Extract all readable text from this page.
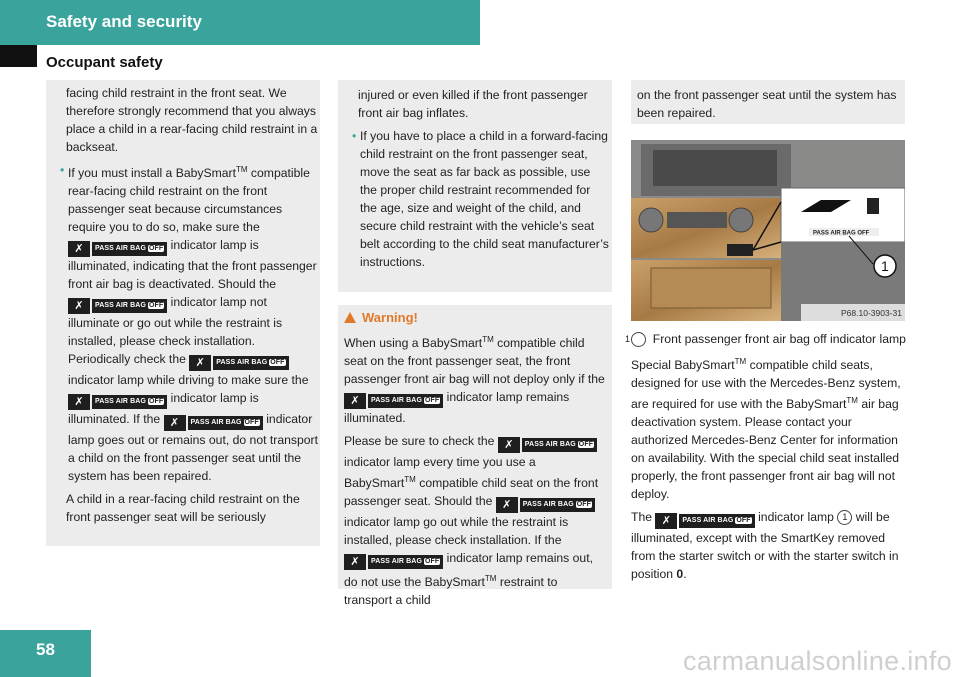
Safety and security
Occupant safety

facing child restraint in the front seat. We therefore strongly recommend that you always place a child in a rear-facing child restraint in a backseat.

• If you must install a BabySmart™ compatible rear-facing child restraint on the front passenger seat because circumstances require you to do so, make sure the
✗	PASS AIR BAG OFF indicator lamp is illuminated, indicating that the front passenger front air bag is deactivated. Should the
✗	PASS AIR BAG OFF indicator lamp not illuminate or go out while the restraint is installed, please check installation. Periodically check the ✗	PASS AIR BAG OFF
indicator lamp while driving to make sure the
✗	PASS AIR BAG OFF indicator lamp is illuminated. If the ✗	PASS AIR BAG OFF indicator lamp goes out or remains out, do not transport a child on the front passenger seat until the system has been repaired.

A child in a rear-facing child restraint on the front passenger seat will be seriously

injured or even killed if the front passenger front air bag inflates.

• If you have to place a child in a forward-facing child restraint on the front passenger seat, move the seat as far back as possible, use the proper child restraint recommended for the age, size and weight of the child, and secure child restraint with the vehicle’s seat belt according to the child seat manufacturer’s instructions.

Warning!

When using a BabySmart™ compatible child seat on the front passenger seat, the front passenger front air bag will not deploy only if the
✗	PASS AIR BAG OFF indicator lamp remains illuminated.

Please be sure to check the ✗	PASS AIR BAG OFF
indicator lamp every time you use a BabySmart™ compatible child seat on the front passenger seat. Should the ✗	PASS AIR BAG OFF
indicator lamp go out while the restraint is installed, please check installation. If the
✗	PASS AIR BAG OFF indicator lamp remains out, do not use the BabySmart™ restraint to transport a child

on the front passenger seat until the system has been repaired.

PASS AIR BAG OFF
1
P68.10-3903-31

1 Front passenger front air bag off indicator lamp

Special BabySmart™ compatible child seats, designed for use with the Mercedes-Benz system, are required for use with the BabySmart™ air bag deactivation system. Please contact your authorized Mercedes-Benz Center for information on availability. With the special child seat installed properly, the front passenger front air bag will not deploy.

The ✗	PASS AIR BAG OFF indicator lamp 1 will be illuminated, except with the SmartKey removed from the starter switch or with the starter switch in position 0.

58	carmanualsonline.info
